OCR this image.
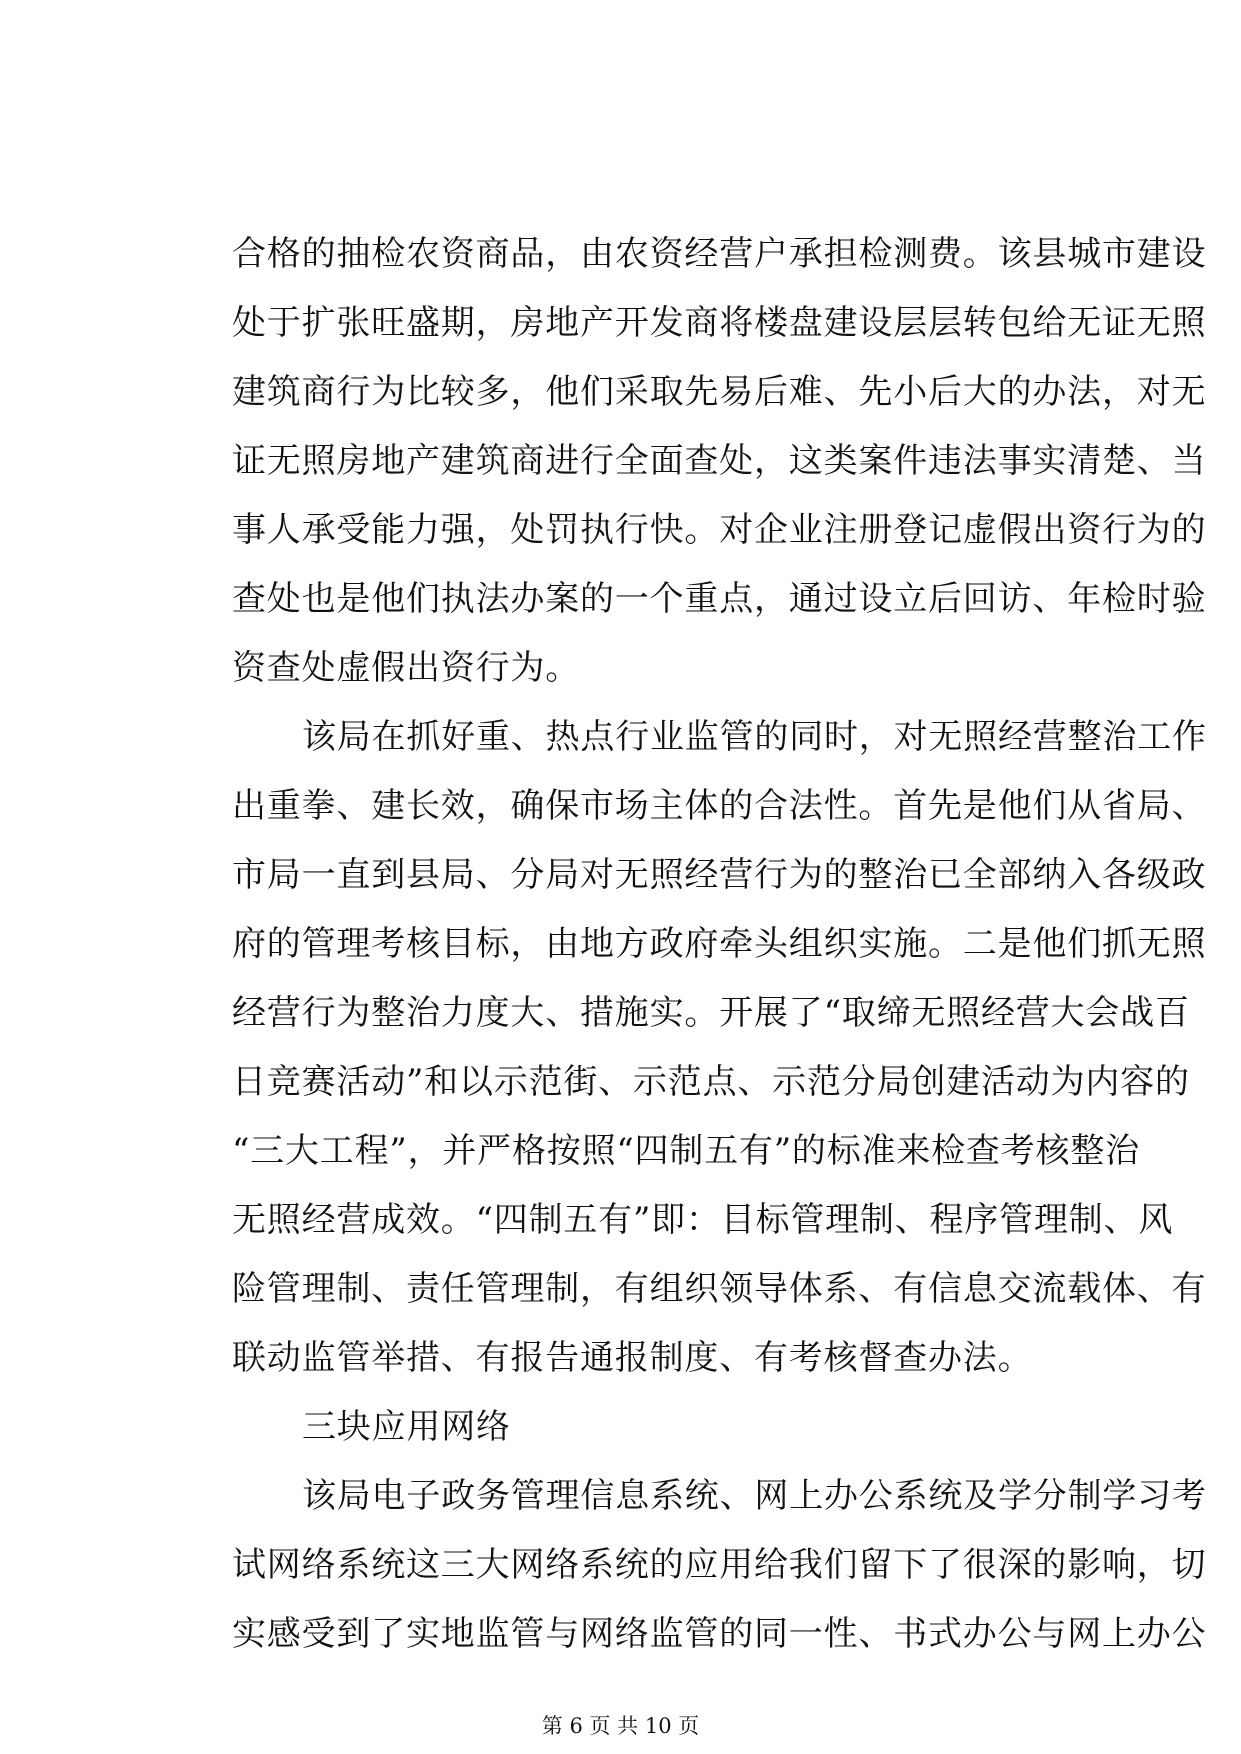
合格的抽检农资商品，由农资经营户承担检测费。该县城市建设
处于扩张旺盛期，房地产开发商将楼盘建设层层转包给无证无照
建筑商行为比较多，他们采取先易后难、先小后大的办法，对无
证无照房地产建筑商进行全面查处，这类案件违法事实清楚、当
事人承受能力强，处罚执行快。对企业注册登记虚假出资行为的
查处也是他们执法办案的一个重点，通过设立后回访、年检时验
资查处虚假出资行为。
该局在抓好重、热点行业监管的同时，对无照经营整治工作
出重拳、建长效，确保市场主体的合法性。首先是他们从省局、
市局一直到县局、分局对无照经营行为的整治已全部纳入各级政
府的管理考核目标，由地方政府牵头组织实施。二是他们抓无照
经营行为整治力度大、措施实。开展了“取缔无照经营大会战百
日竞赛活动”和以示范街、示范点、示范分局创建活动为内容的
“三大工程”，并严格按照“四制五有”的标准来检查考核整治
无照经营成效。“四制五有”即：目标管理制、程序管理制、风
险管理制、责任管理制，有组织领导体系、有信息交流载体、有
联动监管举措、有报告通报制度、有考核督查办法。
三块应用网络
该局电子政务管理信息系统、网上办公系统及学分制学习考
试网络系统这三大网络系统的应用给我们留下了很深的影响，切
实感受到了实地监管与网络监管的同一性、书式办公与网上办公
第 6 页 共 10 页
